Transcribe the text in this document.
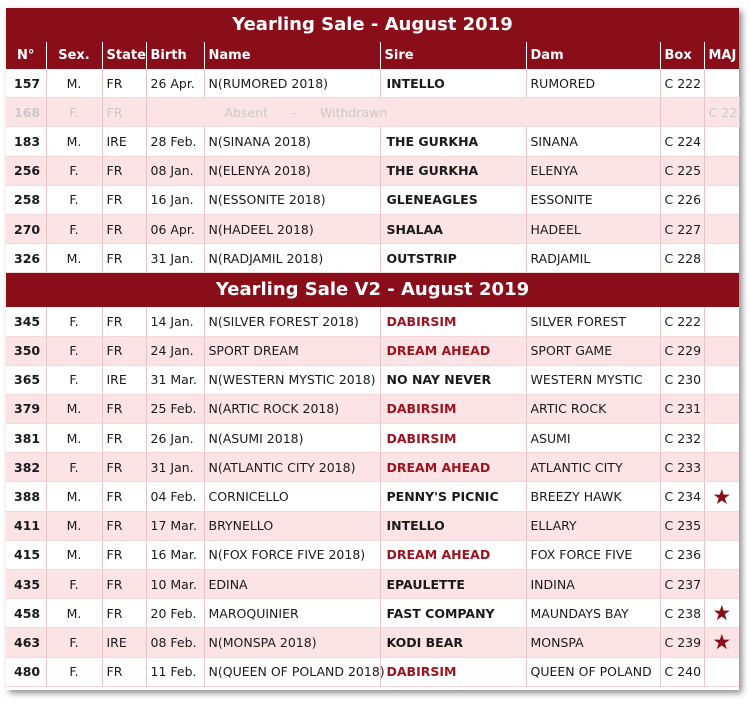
Yearling Sale - August 2019									
N°	Sex.	State	Birth	Name	Sire	Dam	Box	MAJ	
157	M.	FR	26 Apr.	N(RUMORED 2018)	INTELLO	RUMORED	C 222		
168	F.	FR	Absent - Withdrawn					C 223	
183	M.	IRE	28 Feb.	N(SINANA 2018)	THE GURKHA	SINANA	C 224		
256	F.	FR	08 Jan.	N(ELENYA 2018)	THE GURKHA	ELENYA	C 225		
258	F.	FR	16 Jan.	N(ESSONITE 2018)	GLENEAGLES	ESSONITE	C 226		
270	F.	FR	06 Apr.	N(HADEEL 2018)	SHALAA	HADEEL	C 227		
326	M.	FR	31 Jan.	N(RADJAMIL 2018)	OUTSTRIP	RADJAMIL	C 228		
Yearling Sale V2 - August 2019									
345	F.	FR	14 Jan.	N(SILVER FOREST 2018)	DABIRSIM	SILVER FOREST	C 222		
350	F.	FR	24 Jan.	SPORT DREAM	DREAM AHEAD	SPORT GAME	C 229		
365	F.	IRE	31 Mar.	N(WESTERN MYSTIC 2018)	NO NAY NEVER	WESTERN MYSTIC	C 230		
379	M.	FR	25 Feb.	N(ARTIC ROCK 2018)	DABIRSIM	ARTIC ROCK	C 231		
381	M.	FR	26 Jan.	N(ASUMI 2018)	DABIRSIM	ASUMI	C 232		
382	F.	FR	31 Jan.	N(ATLANTIC CITY 2018)	DREAM AHEAD	ATLANTIC CITY	C 233		
388	M.	FR	04 Feb.	CORNICELLO	PENNY'S PICNIC	BREEZY HAWK	C 234	★	
411	M.	FR	17 Mar.	BRYNELLO	INTELLO	ELLARY	C 235		
415	M.	FR	16 Mar.	N(FOX FORCE FIVE 2018)	DREAM AHEAD	FOX FORCE FIVE	C 236		
435	F.	FR	10 Mar.	EDINA	EPAULETTE	INDINA	C 237		
458	M.	FR	20 Feb.	MAROQUINIER	FAST COMPANY	MAUNDAYS BAY	C 238	★	
463	F.	IRE	08 Feb.	N(MONSPA 2018)	KODI BEAR	MONSPA	C 239	★	
480	F.	FR	11 Feb.	N(QUEEN OF POLAND 2018)	DABIRSIM	QUEEN OF POLAND	C 240		
